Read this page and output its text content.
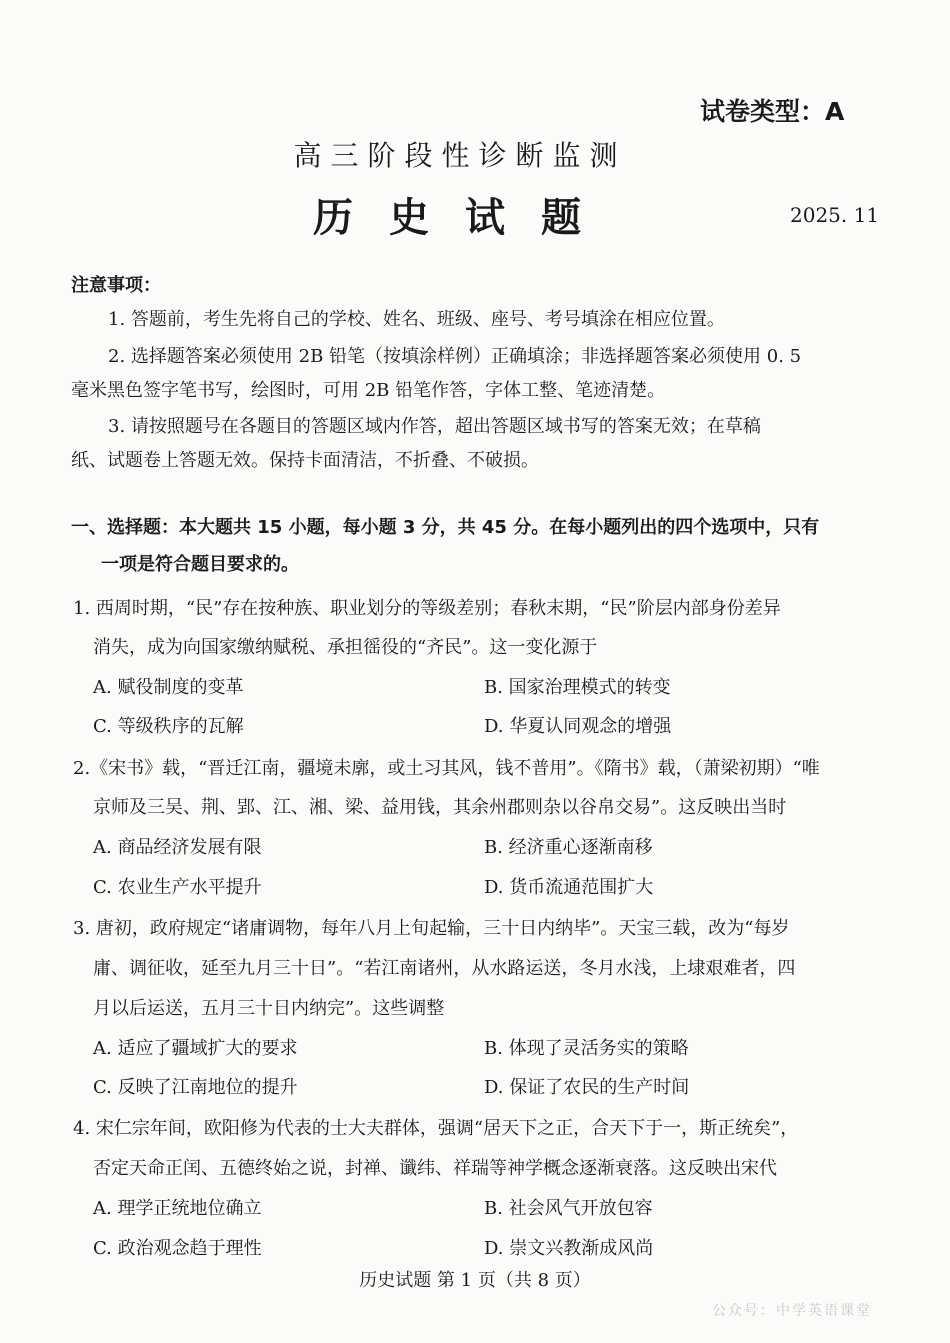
试卷类型：A
高三阶段性诊断监测
历史试题	2025. 11
注意事项：
1. 答题前，考生先将自己的学校、姓名、班级、座号、考号填涂在相应位置。
2. 选择题答案必须使用 2B 铅笔（按填涂样例）正确填涂；非选择题答案必须使用 0. 5
毫米黑色签字笔书写，绘图时，可用 2B 铅笔作答，字体工整、笔迹清楚。
3. 请按照题号在各题目的答题区域内作答，超出答题区域书写的答案无效；在草稿
纸、试题卷上答题无效。保持卡面清洁，不折叠、不破损。
一、选择题：本大题共 15 小题，每小题 3 分，共 45 分。在每小题列出的四个选项中，只有
一项是符合题目要求的。
1. 西周时期，“民”存在按种族、职业划分的等级差别；春秋末期，“民”阶层内部身份差异
消失，成为向国家缴纳赋税、承担徭役的“齐民”。这一变化源于
A. 赋役制度的变革	B. 国家治理模式的转变
C. 等级秩序的瓦解	D. 华夏认同观念的增强
2.《宋书》载，“晋迁江南，疆境未廓，或土习其风，钱不普用”。《隋书》载，（萧梁初期）“唯
京师及三吴、荆、郢、江、湘、梁、益用钱，其余州郡则杂以谷帛交易”。这反映出当时
A. 商品经济发展有限	B. 经济重心逐渐南移
C. 农业生产水平提升	D. 货币流通范围扩大
3. 唐初，政府规定“诸庸调物，每年八月上旬起输，三十日内纳毕”。天宝三载，改为“每岁
庸、调征收，延至九月三十日”。“若江南诸州，从水路运送，冬月水浅，上埭艰难者，四
月以后运送，五月三十日内纳完”。这些调整
A. 适应了疆域扩大的要求	B. 体现了灵活务实的策略
C. 反映了江南地位的提升	D. 保证了农民的生产时间
4. 宋仁宗年间，欧阳修为代表的士大夫群体，强调“居天下之正，合天下于一，斯正统矣”，
否定天命正闰、五德终始之说，封禅、谶纬、祥瑞等神学概念逐渐衰落。这反映出宋代
A. 理学正统地位确立	B. 社会风气开放包容
C. 政治观念趋于理性	D. 崇文兴教渐成风尚
历史试题 第 1 页（共 8 页）
公众号：中学英语课堂
